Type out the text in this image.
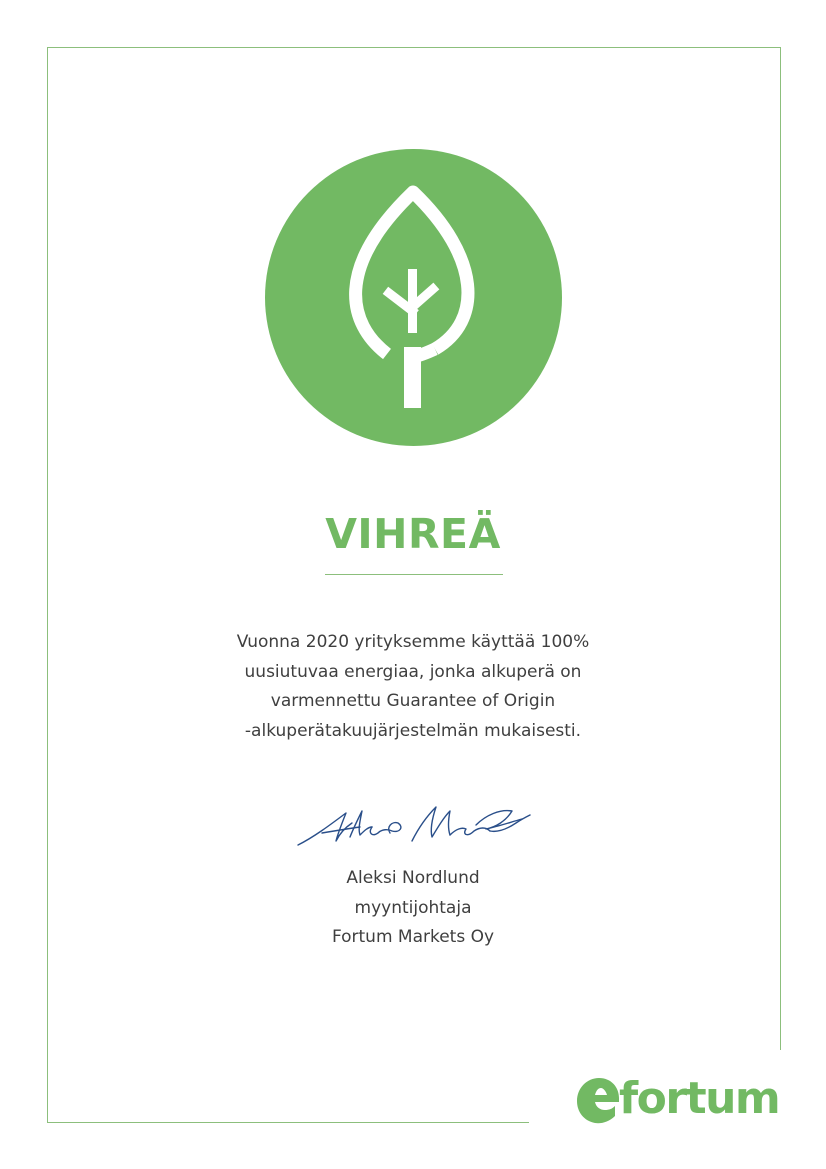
VIHREÄ
Vuonna 2020 yrityksemme käyttää 100%
uusiutuvaa energiaa, jonka alkuperä on
varmennettu Guarantee of Origin
-alkuperätakuujärjestelmän mukaisesti.
Aleksi Nordlund
myyntijohtaja
Fortum Markets Oy
fortum
